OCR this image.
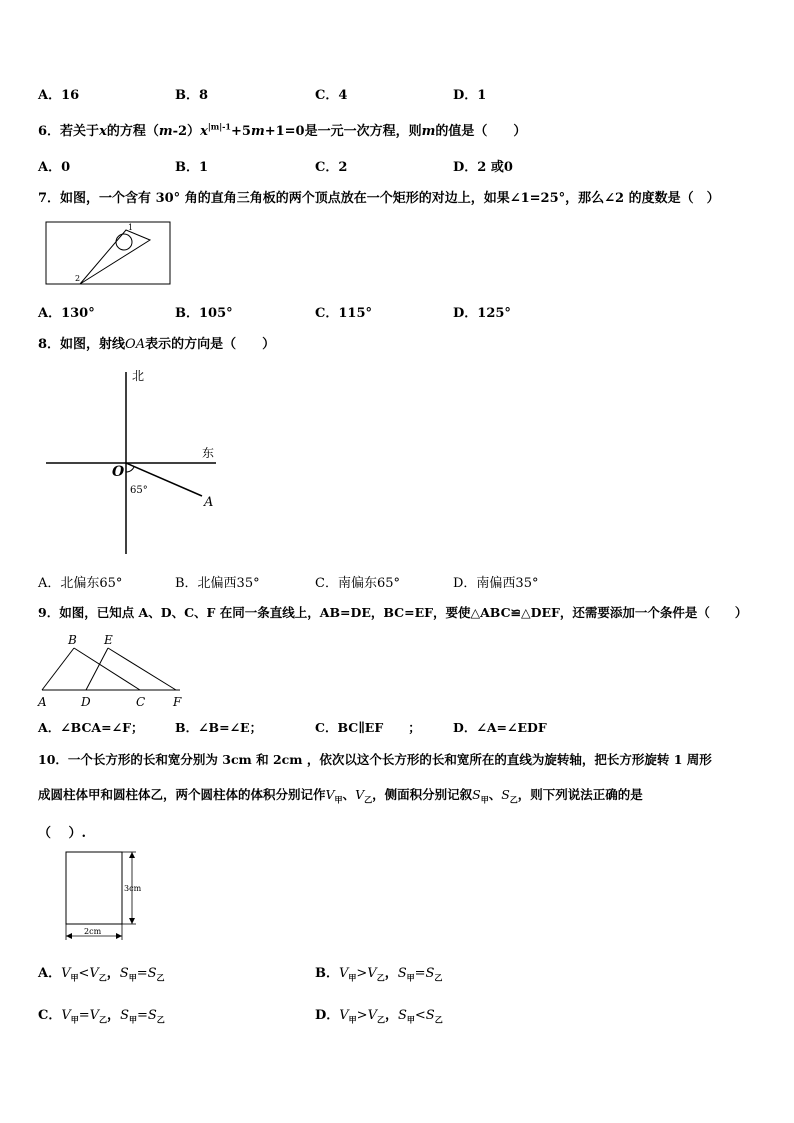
A．16	B．8	C．4	D．1
6．若关于x的方程$(m-2)x^{|m|-1}+5m+1=0$是一元一次方程，则m的值是（　　）
A．0	B．1	C．2	D．2 或0
7．如图，一个含有 30° 角的直角三角板的两个顶点放在一个矩形的对边上，如果∠1=25°，那么∠2 的度数是（　）
1
2
A．130°	B．105°	C．115°	D．125°
8．如图，射线OA表示的方向是（　　）
北
东
O
65°
A
A．北偏东65°	B．北偏西35°	C．南偏东65°	D．南偏西35°
9．如图，已知点 A、D、C、F 在同一条直线上，AB=DE，BC=EF，要使△ABC≌△DEF，还需要添加一个条件是（　　）
B E
A	D	C F
A．∠BCA=∠F；	B．∠B=∠E；	C．BC∥EF　　；	D．∠A=∠EDF
10．一个长方形的长和宽分别为 3cm 和 2cm ，依次以这个长方形的长和宽所在的直线为旋转轴，把长方形旋转 1 周形
成圆柱体甲和圆柱体乙，两个圆柱体的体积分别记作$V_甲$、$V_乙$，侧面积分别记叙$S_甲$、$S_乙$，则下列说法正确的是
（　 ）.
3cm
2cm
A．$V_甲<V_乙$，$S_甲=S_乙$	B．$V_甲>V_乙$，$S_甲=S_乙$
C．$V_甲=V_乙$，$S_甲=S_乙$	D．$V_甲>V_乙$，$S_甲<S_乙$
